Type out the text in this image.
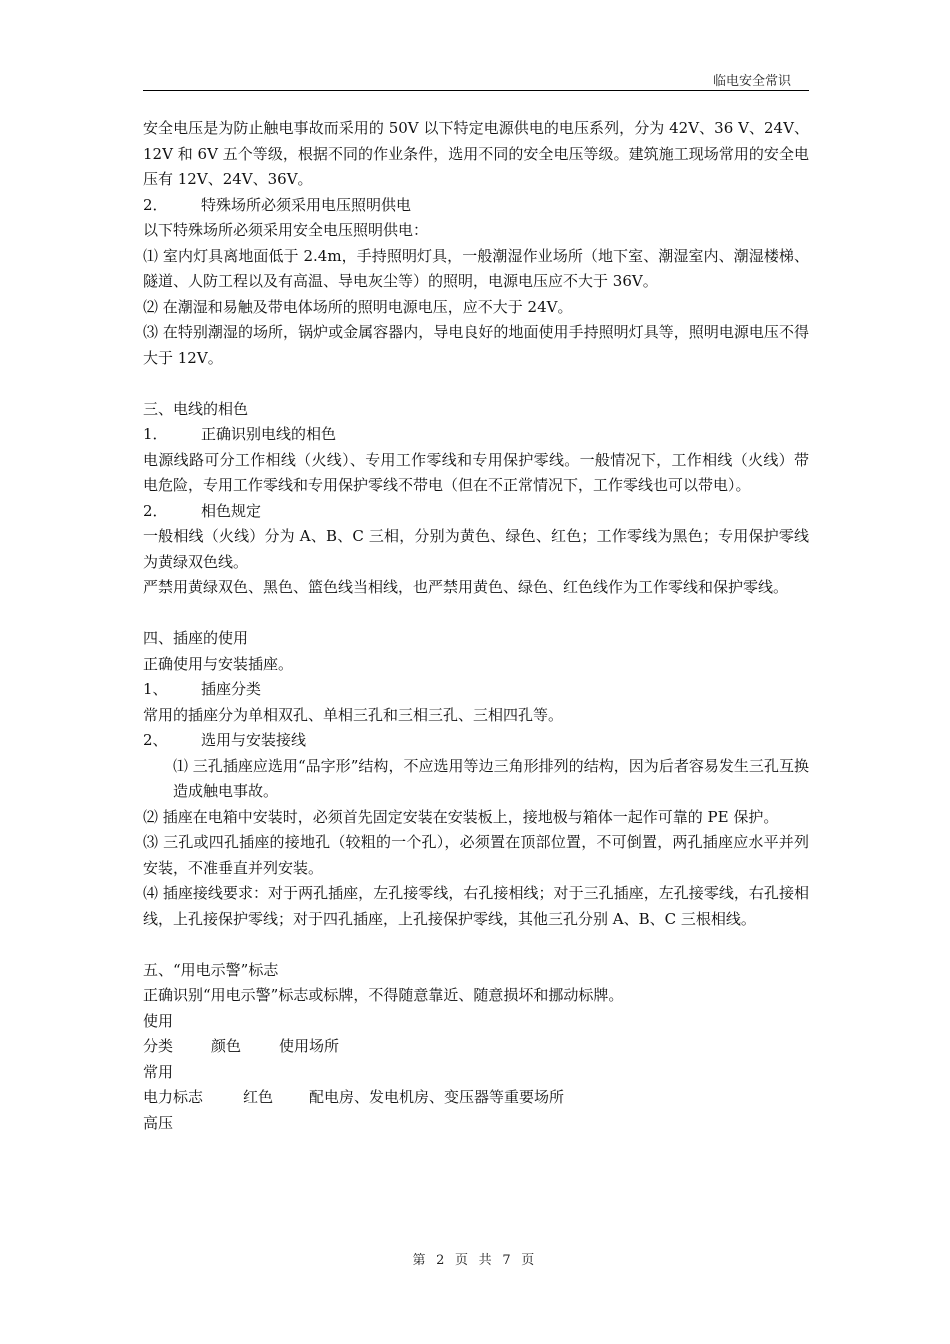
临电安全常识

安全电压是为防止触电事故而采用的 50V 以下特定电源供电的电压系列，分为 42V、36 V、24V、12V 和 6V 五个等级，根据不同的作业条件，选用不同的安全电压等级。建筑施工现场常用的安全电压有 12V、24V、36V。

2．	特殊场所必须采用电压照明供电

以下特殊场所必须采用安全电压照明供电：

⑴ 室内灯具离地面低于 2.4m，手持照明灯具，一般潮湿作业场所（地下室、潮湿室内、潮湿楼梯、隧道、人防工程以及有高温、导电灰尘等）的照明，电源电压应不大于 36V。

⑵ 在潮湿和易触及带电体场所的照明电源电压，应不大于 24V。

⑶ 在特别潮湿的场所，锅炉或金属容器内，导电良好的地面使用手持照明灯具等，照明电源电压不得大于 12V。

三、电线的相色

1．	正确识别电线的相色

电源线路可分工作相线（火线）、专用工作零线和专用保护零线。一般情况下，工作相线（火线）带电危险，专用工作零线和专用保护零线不带电（但在不正常情况下，工作零线也可以带电）。

2．	相色规定

一般相线（火线）分为 A、B、C 三相，分别为黄色、绿色、红色；工作零线为黑色；专用保护零线为黄绿双色线。

严禁用黄绿双色、黑色、篮色线当相线，也严禁用黄色、绿色、红色线作为工作零线和保护零线。

四、插座的使用

正确使用与安装插座。

1、	插座分类

常用的插座分为单相双孔、单相三孔和三相三孔、三相四孔等。

2、	选用与安装接线

⑴ 三孔插座应选用“品字形”结构，不应选用等边三角形排列的结构，因为后者容易发生三孔互换造成触电事故。

⑵ 插座在电箱中安装时，必须首先固定安装在安装板上，接地极与箱体一起作可靠的 PE 保护。

⑶ 三孔或四孔插座的接地孔（较粗的一个孔），必须置在顶部位置，不可倒置，两孔插座应水平并列安装，不准垂直并列安装。

⑷ 插座接线要求：对于两孔插座，左孔接零线，右孔接相线；对于三孔插座，左孔接零线，右孔接相线，上孔接保护零线；对于四孔插座，上孔接保护零线，其他三孔分别 A、B、C 三根相线。

五、“用电示警”标志

正确识别“用电示警”标志或标牌，不得随意靠近、随意损坏和挪动标牌。

使用

分类	颜色	使用场所

常用

电力标志	红色	配电房、发电机房、变压器等重要场所

高压

第 2 页 共 7 页
